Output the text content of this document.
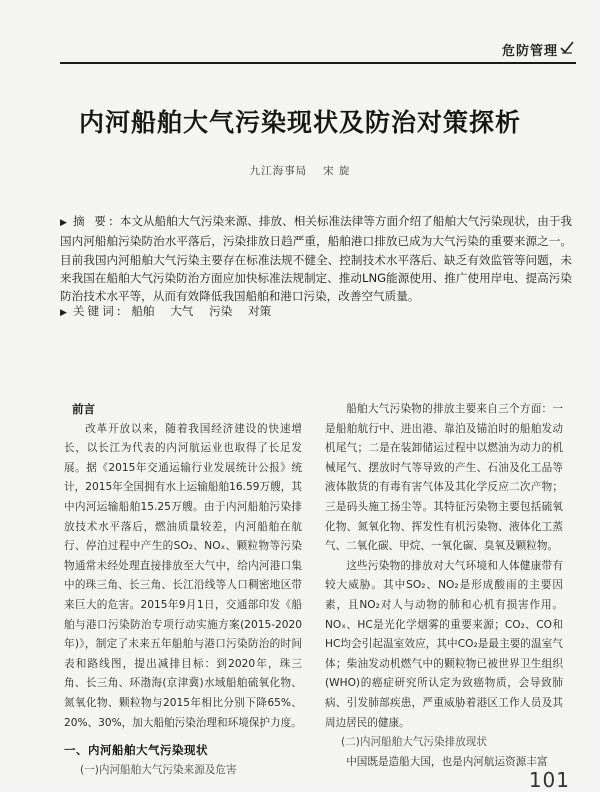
危防管理
内河船舶大气污染现状及防治对策探析
九江海事局 宋 旋

▶ 摘 要: 本文从船舶大气污染来源、排放、相关标准法律等方面介绍了船舶大气污染现状，由于我国内河船舶污染防治水平落后，污染排放日趋严重，船舶港口排放已成为大气污染的重要来源之一。目前我国内河船舶大气污染主要存在标准法规不健全、控制技术水平落后、缺乏有效监管等问题，未来我国在船舶大气污染防治方面应加快标准法规制定、推动LNG能源使用、推广使用岸电、提高污染防治技术水平等，从而有效降低我国船舶和港口污染，改善空气质量。

▶ 关键词: 船舶 大气 污染 对策
前言

改革开放以来，随着我国经济建设的快速增长，以长江为代表的内河航运业也取得了长足发展。据《2015年交通运输行业发展统计公报》统计，2015年全国拥有水上运输船舶16.59万艘，其中内河运输船舶15.25万艘。由于内河船舶污染排放技术水平落后，燃油质量较差，内河船舶在航行、停泊过程中产生的SO₂、NOₓ、颗粒物等污染物通常未经处理直接排放至大气中，给内河港口集中的珠三角、长三角、长江沿线等人口稠密地区带来巨大的危害。2015年9月1日，交通部印发《船舶与港口污染防治专项行动实施方案(2015-2020年)》，制定了未来五年船舶与港口污染防治的时间表和路线图，提出减排目标：到2020年，珠三角、长三角、环渤海(京津冀)水域船舶硫氧化物、氮氧化物、颗粒物与2015年相比分别下降65%、20%、30%，加大船舶污染治理和环境保护力度。

一、内河船舶大气污染现状

(一)内河船舶大气污染来源及危害

船舶大气污染物的排放主要来自三个方面：一是船舶航行中、进出港、靠泊及锚泊时的船舶发动机尾气；二是在装卸储运过程中以燃油为动力的机械尾气、摆放时气等导致的产生、石油及化工品等液体散货的有毒有害气体及其化学反应二次产物；三是码头施工扬尘等。其特征污染物主要包括硫氧化物、氮氧化物、挥发性有机污染物、液体化工蒸气、二氧化碳、甲烷、一氧化碳、臭氧及颗粒物。

这些污染物的排放对大气环境和人体健康带有较大威胁。其中SO₂、NO₂是形成酸雨的主要因素，且NO₂对人与动物的肺和心机有损害作用。NOₓ、HC是光化学烟雾的重要来源；CO₂、CO和HC均会引起温室效应，其中CO₂是最主要的温室气体；柴油发动机燃气中的颗粒物已被世界卫生组织(WHO)的癌症研究所认定为致癌物质，会导致肺病、引发肺部疾患，严重威胁着港区工作人员及其周边居民的健康。

(二)内河船舶大气污染排放现状

中国既是造船大国，也是内河航运资源丰富

101
